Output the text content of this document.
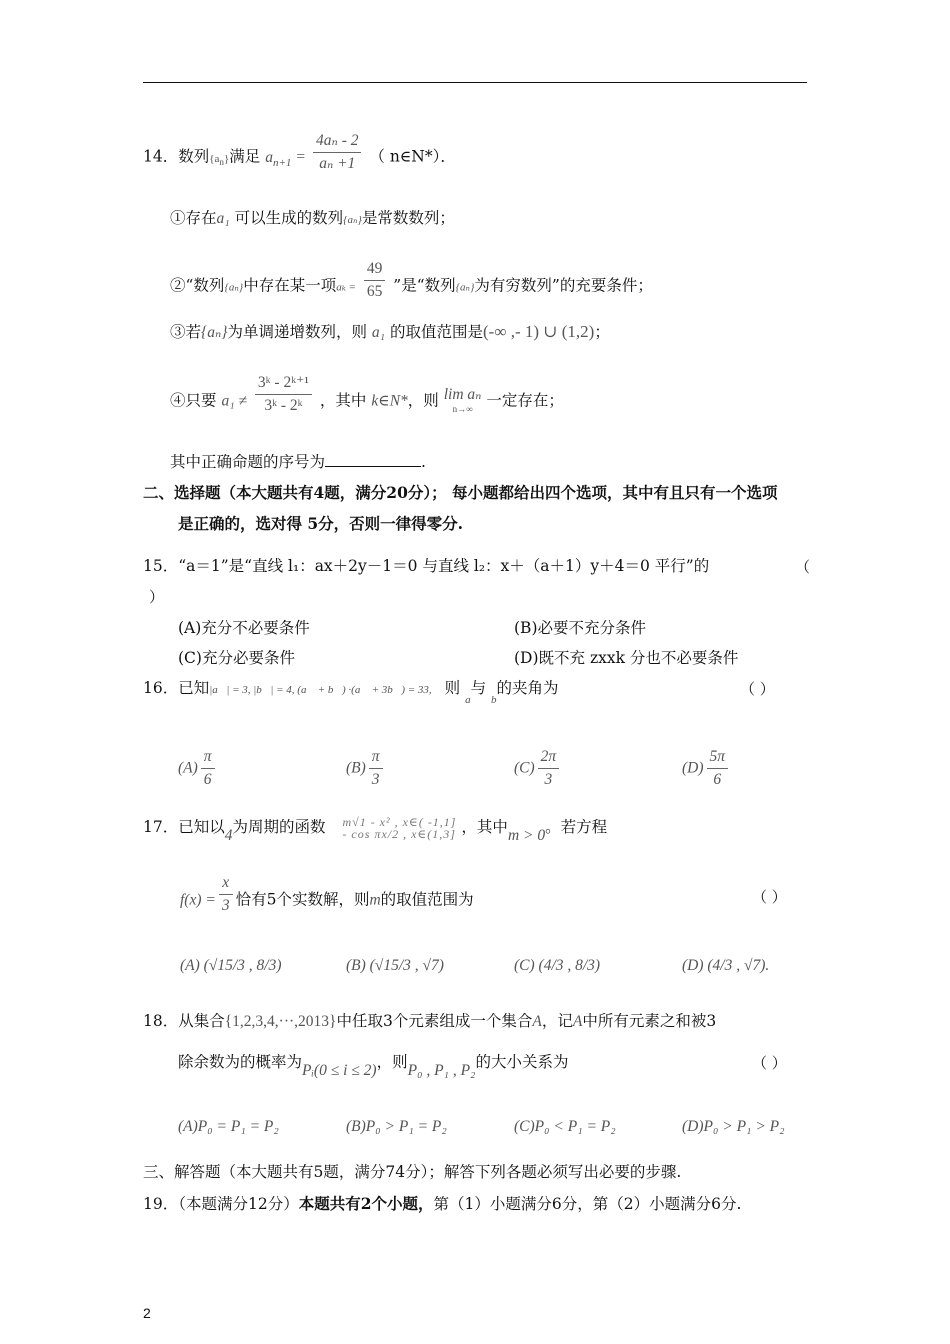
14．数列$\{a_n\}$满足 $a_{n+1} = \frac{\text{4aₙ - 2}}{\text{aₙ +1}}$ （ n∈N*）．
①存在a₁ 可以生成的数列{aₙ}是常数数列；
②“数列{aₙ}中存在某一项$a_k = \frac{49}{65}$ ”是“数列{aₙ}为有穷数列”的充要条件；
③若{aₙ}为单调递增数列，则 a₁ 的取值范围是(-∞ ,- 1) ∪ (1,2)；
④只要 $a_1 \ne \frac{\text{3ᵏ - 2ᵏ⁺¹}}{\text{3ᵏ - 2ᵏ}}$ ，其中 k∈N*，则 lim aₙ
n→∞ 一定存在；
其中正确命题的序号为	.
二、选择题（本大题共有4题，满分20分）； 每小题都给出四个选项，其中有且只有一个选项
是正确的，选对得 5分，否则一律得零分.
15．“a＝1”是“直线 l₁：ax＋2y－1＝0 与直线 l₂：x＋（a＋1）y＋4＝0 平行”的	（
）
(A)充分不必要条件	(B)必要不充分条件
(C)充分必要条件	(D)既不充 zxxk 分也不必要条件
16．已知|a⃗| = 3, |b⃗| = 4, (a⃗ + b⃗) ·(a⃗ + 3b⃗) = 33, 则 $_a$与 $_b$的夹角为	（ ）
$(A) \frac{\pi}{6}$	$(B) \frac{\pi}{3}$	$(C) \frac{2\pi}{3}$	$(D) \frac{5\pi}{6}$
17．已知以4为周期的函数 m√1 - x² , x∈( -1,1]
- cos πx/2 , x∈(1,3] ，其中m > 0。若方程
$f(x) = \frac{x}{3}$ 恰有5个实数解，则m的取值范围为	（ ）
(A) (√15/3 , 8/3)	(B) (√15/3 , √7)	(C) (4/3 , 8/3)	(D) (4/3 , √7).
18．从集合{1,2,3,4,···,2013}中任取3个元素组成一个集合A，记A中所有元素之和被3
除余数为的概率为Pᵢ(0 ≤ i ≤ 2)，则P₀ , P₁ , P₂的大小关系为	（ ）
(A)P₀ = P₁ = P₂	(B)P₀ > P₁ = P₂	(C)P₀ < P₁ = P₂	(D)P₀ > P₁ > P₂
三、解答题（本大题共有5题，满分74分）；解答下列各题必须写出必要的步骤.
19．（本题满分12分）本题共有2个小题，第（1）小题满分6分，第（2）小题满分6分.
2
